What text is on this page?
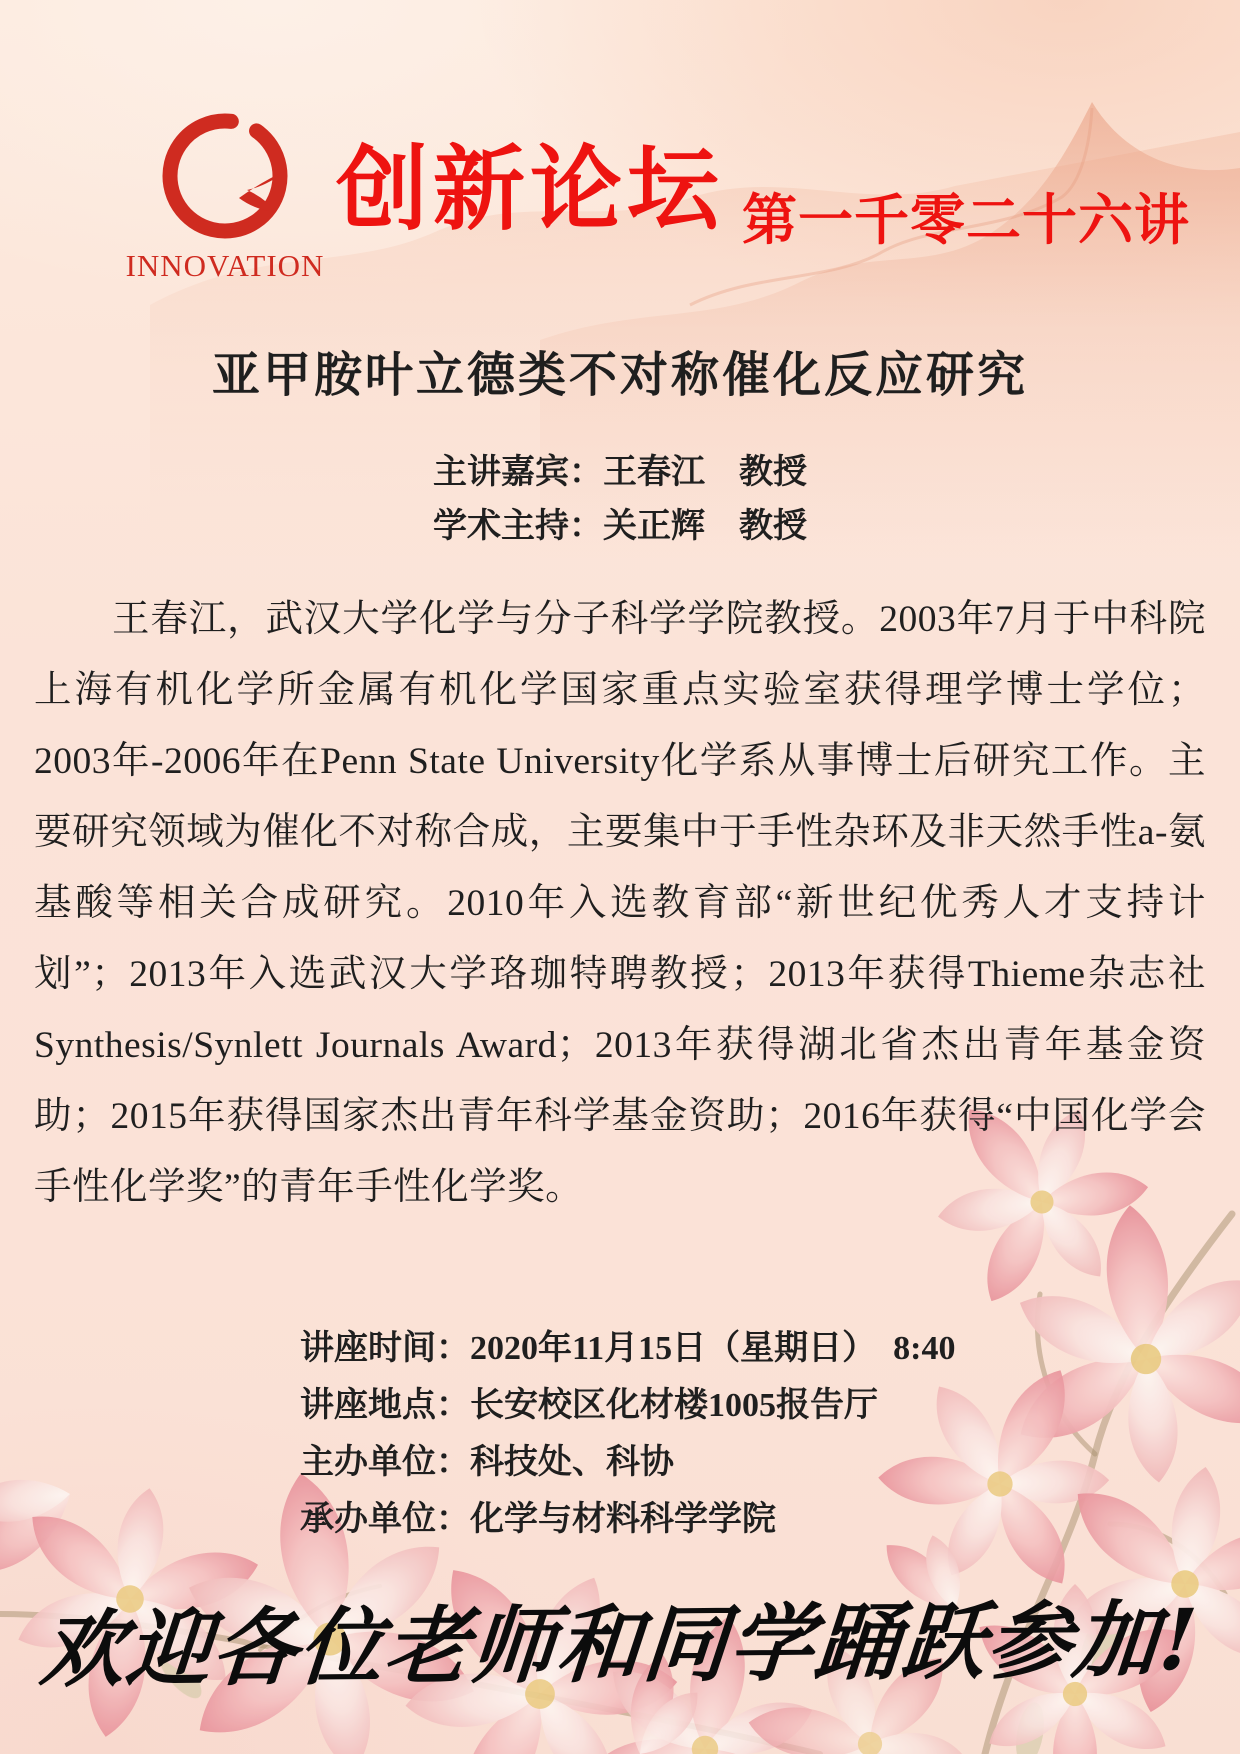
INNOVATION
创新论坛 第一千零二十六讲
亚甲胺叶立德类不对称催化反应研究
主讲嘉宾：王春江　教授
学术主持：关正辉　教授

王春江，武汉大学化学与分子科学学院教授。2003年7月于中科院上海有机化学所金属有机化学国家重点实验室获得理学博士学位；2003年-2006年在Penn State University化学系从事博士后研究工作。主要研究领域为催化不对称合成，主要集中于手性杂环及非天然手性a-氨基酸等相关合成研究。2010年入选教育部“新世纪优秀人才支持计划”；2013年入选武汉大学珞珈特聘教授；2013年获得Thieme杂志社Synthesis/Synlett Journals Award；2013年获得湖北省杰出青年基金资助；2015年获得国家杰出青年科学基金资助；2016年获得“中国化学会手性化学奖”的青年手性化学奖。

讲座时间：2020年11月15日（星期日）　8:40
讲座地点：长安校区化材楼1005报告厅
主办单位：科技处、科协
承办单位：化学与材料科学学院
欢迎各位老师和同学踊跃参加!
